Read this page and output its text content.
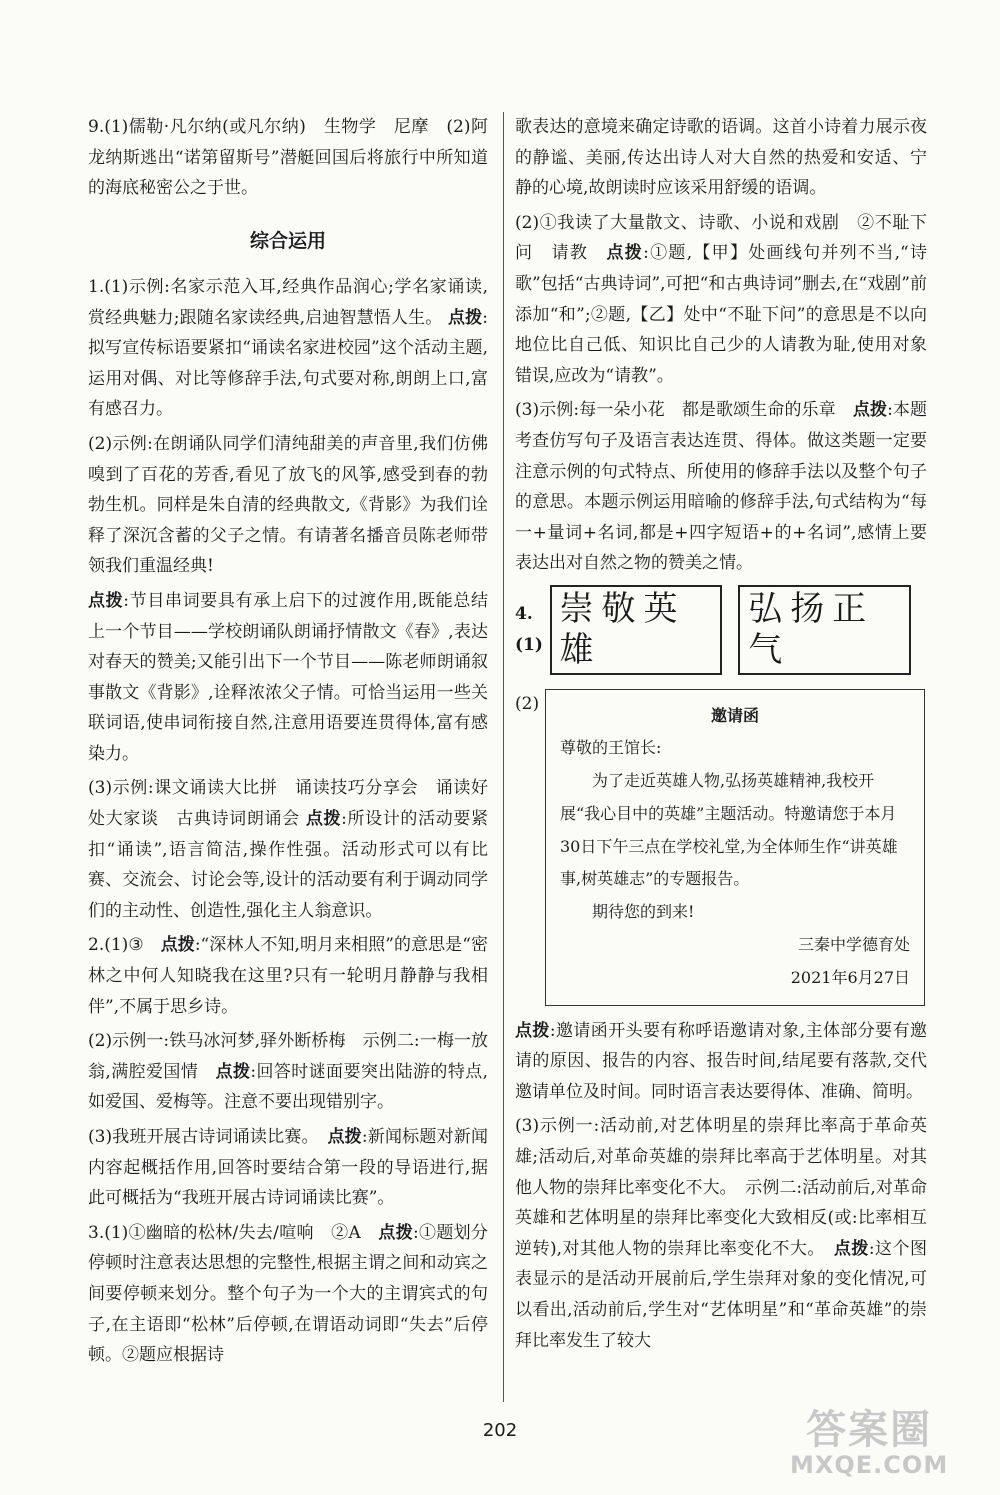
9.(1)儒勒·凡尔纳(或凡尔纳)　生物学　尼摩　(2)阿龙纳斯逃出“诺第留斯号”潜艇回国后将旅行中所知道的海底秘密公之于世。

综合运用

1.(1)示例:名家示范入耳,经典作品润心;学名家诵读,赏经典魅力;跟随名家读经典,启迪智慧悟人生。 点拨:拟写宣传标语要紧扣“诵读名家进校园”这个活动主题,运用对偶、对比等修辞手法,句式要对称,朗朗上口,富有感召力。

(2)示例:在朗诵队同学们清纯甜美的声音里,我们仿佛嗅到了百花的芳香,看见了放飞的风筝,感受到春的勃勃生机。同样是朱自清的经典散文,《背影》为我们诠释了深沉含蓄的父子之情。有请著名播音员陈老师带领我们重温经典!

点拨:节目串词要具有承上启下的过渡作用,既能总结上一个节目——学校朗诵队朗诵抒情散文《春》,表达对春天的赞美;又能引出下一个节目——陈老师朗诵叙事散文《背影》,诠释浓浓父子情。可恰当运用一些关联词语,使串词衔接自然,注意用语要连贯得体,富有感染力。

(3)示例:课文诵读大比拼　诵读技巧分享会　诵读好处大家谈　古典诗词朗诵会 点拨:所设计的活动要紧扣“诵读”,语言简洁,操作性强。活动形式可以有比赛、交流会、讨论会等,设计的活动要有利于调动同学们的主动性、创造性,强化主人翁意识。

2.(1)③　点拨:“深林人不知,明月来相照”的意思是“密林之中何人知晓我在这里?只有一轮明月静静与我相伴”,不属于思乡诗。

(2)示例一:铁马冰河梦,驿外断桥梅　示例二:一梅一放翁,满腔爱国情　点拨:回答时谜面要突出陆游的特点,如爱国、爱梅等。注意不要出现错别字。

(3)我班开展古诗词诵读比赛。　点拨:新闻标题对新闻内容起概括作用,回答时要结合第一段的导语进行,据此可概括为“我班开展古诗词诵读比赛”。

3.(1)①幽暗的松林/失去/喧响　②A　点拨:①题划分停顿时注意表达思想的完整性,根据主谓之间和动宾之间要停顿来划分。整个句子为一个大的主谓宾式的句子,在主语即“松林”后停顿,在谓语动词即“失去”后停顿。②题应根据诗

歌表达的意境来确定诗歌的语调。这首小诗着力展示夜的静谧、美丽,传达出诗人对大自然的热爱和安适、宁静的心境,故朗读时应该采用舒缓的语调。

(2)①我读了大量散文、诗歌、小说和戏剧　②不耻下问　请教　点拨:①题,【甲】处画线句并列不当,“诗歌”包括“古典诗词”,可把“和古典诗词”删去,在“戏剧”前添加“和”;②题,【乙】处中“不耻下问”的意思是不以向地位比自己低、知识比自己少的人请教为耻,使用对象错误,应改为“请教”。

(3)示例:每一朵小花　都是歌颂生命的乐章　点拨:本题考查仿写句子及语言表达连贯、得体。做这类题一定要注意示例的句式特点、所使用的修辞手法以及整个句子的意思。本题示例运用暗喻的修辞手法,句式结构为“每一+量词+名词,都是+四字短语+的+名词”,感情上要表达出对自然之物的赞美之情。

4.(1)
崇敬英雄
弘扬正气
(2)
邀请函
尊敬的王馆长:
为了走近英雄人物,弘扬英雄精神,我校开展“我心目中的英雄”主题活动。特邀请您于本月30日下午三点在学校礼堂,为全体师生作“讲英雄事,树英雄志”的专题报告。
期待您的到来!
三秦中学德育处
2021年6月27日

点拨:邀请函开头要有称呼语邀请对象,主体部分要有邀请的原因、报告的内容、报告时间,结尾要有落款,交代邀请单位及时间。同时语言表达要得体、准确、简明。

(3)示例一:活动前,对艺体明星的崇拜比率高于革命英雄;活动后,对革命英雄的崇拜比率高于艺体明星。对其他人物的崇拜比率变化不大。　示例二:活动前后,对革命英雄和艺体明星的崇拜比率变化大致相反(或:比率相互逆转),对其他人物的崇拜比率变化不大。　点拨:这个图表显示的是活动开展前后,学生崇拜对象的变化情况,可以看出,活动前后,学生对“艺体明星”和“革命英雄”的崇拜比率发生了较大

202	答案圈
MXQE.COM
